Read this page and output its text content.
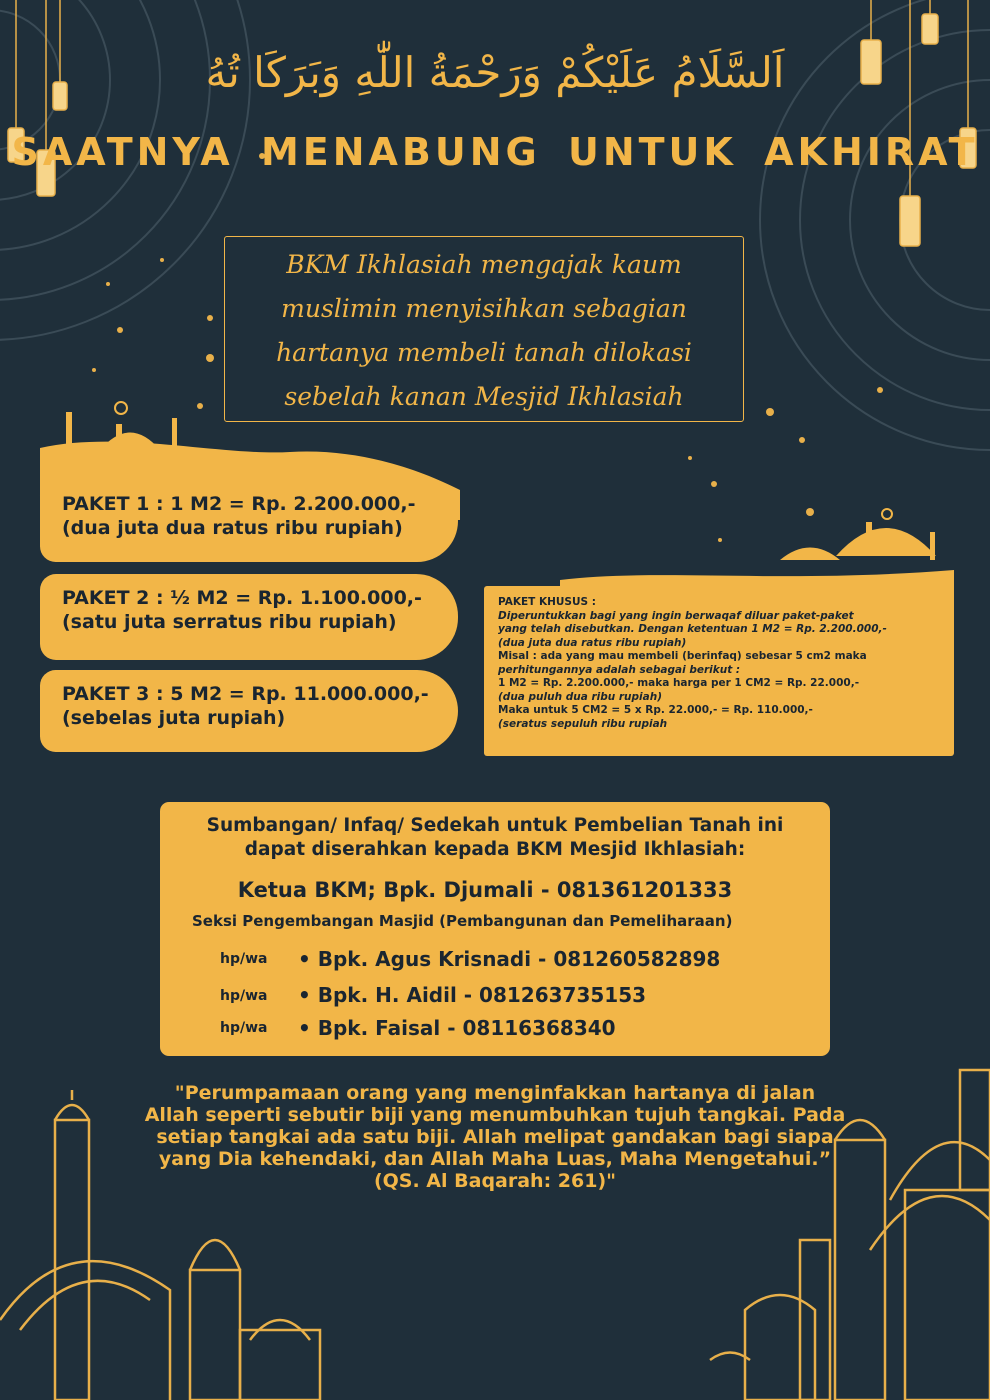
اَلسَّلَامُ عَلَيْكُمْ وَرَحْمَةُ اللّٰهِ وَبَرَكَا تُهُ
SAATNYA MENABUNG UNTUK AKHIRAT
BKM Ikhlasiah mengajak kaum
muslimin menyisihkan sebagian
hartanya membeli tanah dilokasi
sebelah kanan Mesjid Ikhlasiah
PAKET 1 : 1 M2 = Rp. 2.200.000,-
(dua juta dua ratus ribu rupiah)
PAKET 2 : ½ M2 = Rp. 1.100.000,-
(satu juta serratus ribu rupiah)
PAKET 3 : 5 M2 = Rp. 11.000.000,-
(sebelas juta rupiah)
PAKET KHUSUS :
Diperuntukkan bagi yang ingin berwaqaf diluar paket-paket
yang telah disebutkan. Dengan ketentuan 1 M2 = Rp. 2.200.000,-
(dua juta dua ratus ribu rupiah)
Misal : ada yang mau membeli (berinfaq) sebesar 5 cm2 maka
perhitungannya adalah sebagai berikut :
1 M2 = Rp. 2.200.000,- maka harga per 1 CM2 = Rp. 22.000,-
(dua puluh dua ribu rupiah)
Maka untuk 5 CM2 = 5 x Rp. 22.000,- = Rp. 110.000,-
(seratus sepuluh ribu rupiah
Sumbangan/ Infaq/ Sedekah untuk Pembelian Tanah ini
dapat diserahkan kepada BKM Mesjid Ikhlasiah:
Ketua BKM; Bpk. Djumali - 081361201333
Seksi Pengembangan Masjid (Pembangunan dan Pemeliharaan)
hp/wa • Bpk. Agus Krisnadi - 081260582898
hp/wa • Bpk. H. Aidil - 081263735153
hp/wa • Bpk. Faisal - 08116368340
"Perumpamaan orang yang menginfakkan hartanya di jalan
Allah seperti sebutir biji yang menumbuhkan tujuh tangkai. Pada
setiap tangkai ada satu biji. Allah melipat gandakan bagi siapa
yang Dia kehendaki, dan Allah Maha Luas, Maha Mengetahui.”
(QS. Al Baqarah: 261)"
